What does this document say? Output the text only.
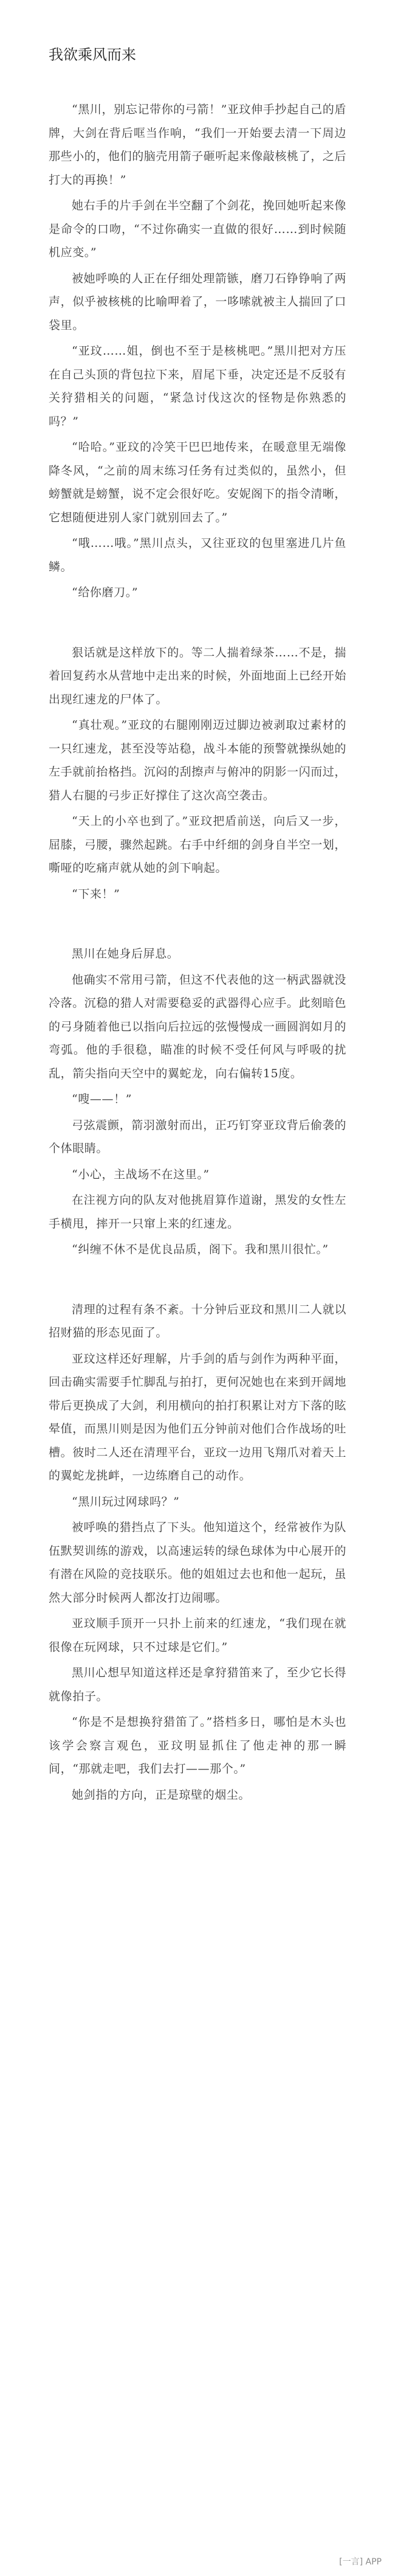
我欲乘风而来

“黑川，别忘记带你的弓箭！”亚玟伸手抄起自己的盾牌，大剑在背后哐当作响，“我们一开始要去清一下周边那些小的，他们的脑壳用箭子砸听起来像敲核桃了，之后打大的再换！”

她右手的片手剑在半空翻了个剑花，挽回她听起来像是命令的口吻，“不过你确实一直做的很好……到时候随机应变。”

被她呼唤的人正在仔细处理箭镞，磨刀石铮铮响了两声，似乎被核桃的比喻呷着了，一哆嗦就被主人揣回了口袋里。

“亚玟……姐，倒也不至于是核桃吧。”黑川把对方压在自己头顶的背包拉下来，眉尾下垂，决定还是不反驳有关狩猎相关的问题，“紧急讨伐这次的怪物是你熟悉的吗？”

“哈哈。”亚玟的冷笑干巴巴地传来，在暖意里无端像降冬风，“之前的周末练习任务有过类似的，虽然小，但螃蟹就是螃蟹，说不定会很好吃。安妮阁下的指令清晰，它想随便进别人家门就别回去了。”

“哦……哦。”黑川点头，又往亚玟的包里塞进几片鱼鳞。

“给你磨刀。”

狠话就是这样放下的。等二人揣着绿茶……不是，揣着回复药水从营地中走出来的时候，外面地面上已经开始出现红速龙的尸体了。

“真壮观。”亚玟的右腿刚刚迈过脚边被剥取过素材的一只红速龙，甚至没等站稳，战斗本能的预警就操纵她的左手就前抬格挡。沉闷的刮擦声与俯冲的阴影一闪而过，猎人右腿的弓步正好撑住了这次高空袭击。

“天上的小卒也到了。”亚玟把盾前送，向后又一步，屈膝，弓腰，骤然起跳。右手中纤细的剑身自半空一划，嘶哑的吃痛声就从她的剑下响起。

“下来！”

黑川在她身后屏息。

他确实不常用弓箭，但这不代表他的这一柄武器就没冷落。沉稳的猎人对需要稳妥的武器得心应手。此刻暗色的弓身随着他已以指向后拉远的弦慢慢成一画圆润如月的弯弧。他的手很稳，瞄准的时候不受任何风与呼吸的扰乱，箭尖指向天空中的翼蛇龙，向右偏转15度。

“嗖——！”

弓弦震颤，箭羽激射而出，正巧钉穿亚玟背后偷袭的个体眼睛。

“小心，主战场不在这里。”

在注视方向的队友对他挑眉算作道谢，黑发的女性左手横甩，摔开一只窜上来的红速龙。

“纠缠不休不是优良品质，阁下。我和黑川很忙。”

清理的过程有条不紊。十分钟后亚玟和黑川二人就以招财猫的形态见面了。

亚玟这样还好理解，片手剑的盾与剑作为两种平面，回击确实需要手忙脚乱与拍打，更何况她也在来到开阔地带后更换成了大剑，利用横向的拍打积累让对方下落的眩晕值，而黑川则是因为他们五分钟前对他们合作战场的吐槽。彼时二人还在清理平台，亚玟一边用飞翔爪对着天上的翼蛇龙挑衅，一边练磨自己的动作。

“黑川玩过网球吗？”

被呼唤的猎挡点了下头。他知道这个，经常被作为队伍默契训练的游戏，以高速运转的绿色球体为中心展开的有潜在风险的竞技联乐。他的姐姐过去也和他一起玩，虽然大部分时候两人都汝打边闹哪。

亚玟顺手顶开一只扑上前来的红速龙，“我们现在就很像在玩网球，只不过球是它们。”

黑川心想早知道这样还是拿狩猎笛来了，至少它长得就像拍子。

“你是不是想换狩猎笛了。”搭档多日，哪怕是木头也该学会察言观色，亚玟明显抓住了他走神的那一瞬间，“那就走吧，我们去打——那个。”

她剑指的方向，正是琼壁的烟尘。

[一言] APP
